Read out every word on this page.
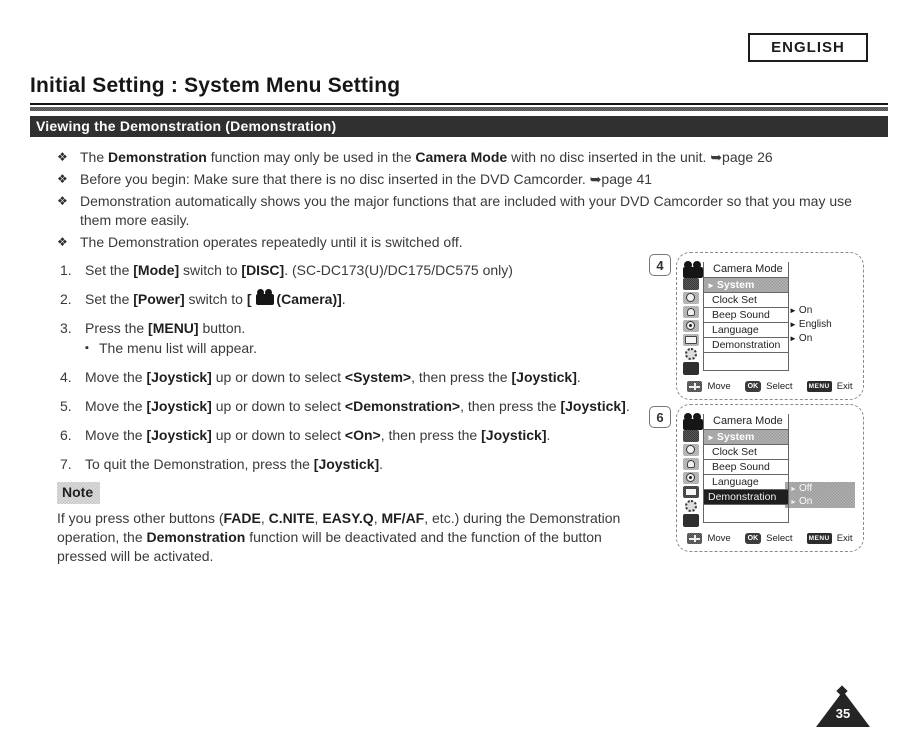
ENGLISH
Initial Setting : System Menu Setting
Viewing the Demonstration (Demonstration)
❖ The Demonstration function may only be used in the Camera Mode with no disc inserted in the unit. ➥page 26
❖ Before you begin: Make sure that there is no disc inserted in the DVD Camcorder. ➥page 41
❖ Demonstration automatically shows you the major functions that are included with your DVD Camcorder so that you may use them more easily.
❖ The Demonstration operates repeatedly until it is switched off.
1. Set the [Mode] switch to [DISC]. (SC-DC173(U)/DC175/DC575 only)
2. Set the [Power] switch to [ (Camera)].
3. Press the [MENU] button.
▪ The menu list will appear.
4. Move the [Joystick] up or down to select <System>, then press the [Joystick].
5. Move the [Joystick] up or down to select <Demonstration>, then press the [Joystick].
6. Move the [Joystick] up or down to select <On>, then press the [Joystick].
7. To quit the Demonstration, press the [Joystick].
Note
If you press other buttons (FADE, C.NITE, EASY.Q, MF/AF, etc.) during the Demonstration operation, the Demonstration function will be deactivated and the function of the button pressed will be activated.
4	Camera Mode
► System
Clock Set
Beep Sound
Language
Demonstration
► On
► English
► On
Move	OK Select	MENU Exit
6	Camera Mode
► System
Clock Set
Beep Sound
Language
Demonstration
► Off
► On
Move	OK Select	MENU Exit
35
